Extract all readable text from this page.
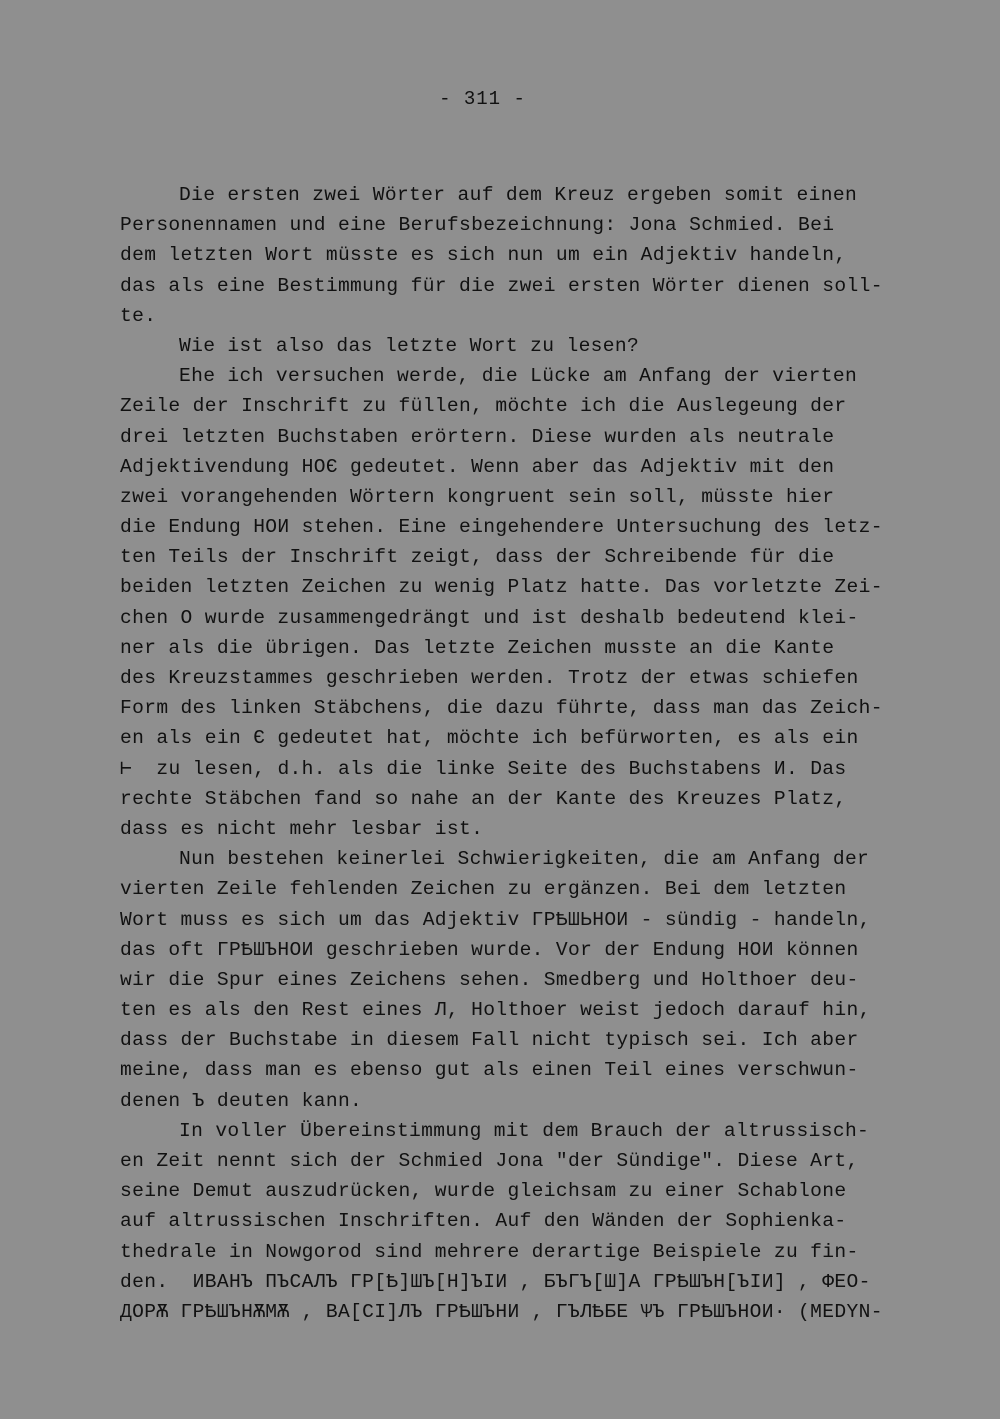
- 311 -
Die ersten zwei Wörter auf dem Kreuz ergeben somit einen
Personennamen und eine Berufsbezeichnung: Jona Schmied. Bei
dem letzten Wort müsste es sich nun um ein Adjektiv handeln,
das als eine Bestimmung für die zwei ersten Wörter dienen soll-
te.
Wie ist also das letzte Wort zu lesen?
Ehe ich versuchen werde, die Lücke am Anfang der vierten
Zeile der Inschrift zu füllen, möchte ich die Auslegeung der
drei letzten Buchstaben erörtern. Diese wurden als neutrale
Adjektivendung НОЄ gedeutet. Wenn aber das Adjektiv mit den
zwei vorangehenden Wörtern kongruent sein soll, müsste hier
die Endung НОИ stehen. Eine eingehendere Untersuchung des letz-
ten Teils der Inschrift zeigt, dass der Schreibende für die
beiden letzten Zeichen zu wenig Platz hatte. Das vorletzte Zei-
chen О wurde zusammengedrängt und ist deshalb bedeutend klei-
ner als die übrigen. Das letzte Zeichen musste an die Kante
des Kreuzstammes geschrieben werden. Trotz der etwas schiefen
Form des linken Stäbchens, die dazu führte, dass man das Zeich-
en als ein Є gedeutet hat, möchte ich befürworten, es als ein
⊢  zu lesen, d.h. als die linke Seite des Buchstabens И. Das
rechte Stäbchen fand so nahe an der Kante des Kreuzes Platz,
dass es nicht mehr lesbar ist.
Nun bestehen keinerlei Schwierigkeiten, die am Anfang der
vierten Zeile fehlenden Zeichen zu ergänzen. Bei dem letzten
Wort muss es sich um das Adjektiv ГРѢШЬНОИ - sündig - handeln,
das oft ГРѢШЪНОИ geschrieben wurde. Vor der Endung НОИ können
wir die Spur eines Zeichens sehen. Smedberg und Holthoer deu-
ten es als den Rest eines Л, Holthoer weist jedoch darauf hin,
dass der Buchstabe in diesem Fall nicht typisch sei. Ich aber
meine, dass man es ebenso gut als einen Teil eines verschwun-
denen Ъ deuten kann.
In voller Übereinstimmung mit dem Brauch der altrussisch-
en Zeit nennt sich der Schmied Jona "der Sündige". Diese Art,
seine Demut auszudrücken, wurde gleichsam zu einer Schablone
auf altrussischen Inschriften. Auf den Wänden der Sophienka-
thedrale in Nowgorod sind mehrere derartige Beispiele zu fin-
den.  ИВАНЪ ПЪСАЛЪ ГР[Ѣ]ШЪ[Н]ЪІИ , БЪГЪ[Ш]А ГРѢШЪН[ЪІИ] , ФЕО-
ДОРѪ ГРѢШЪНѪМѪ , ВА[СІ]ЛЪ ГРѢШЪНИ , ГЪЛѢБЕ ѰЪ ГРѢШЪНОИ· (MEDYN-
